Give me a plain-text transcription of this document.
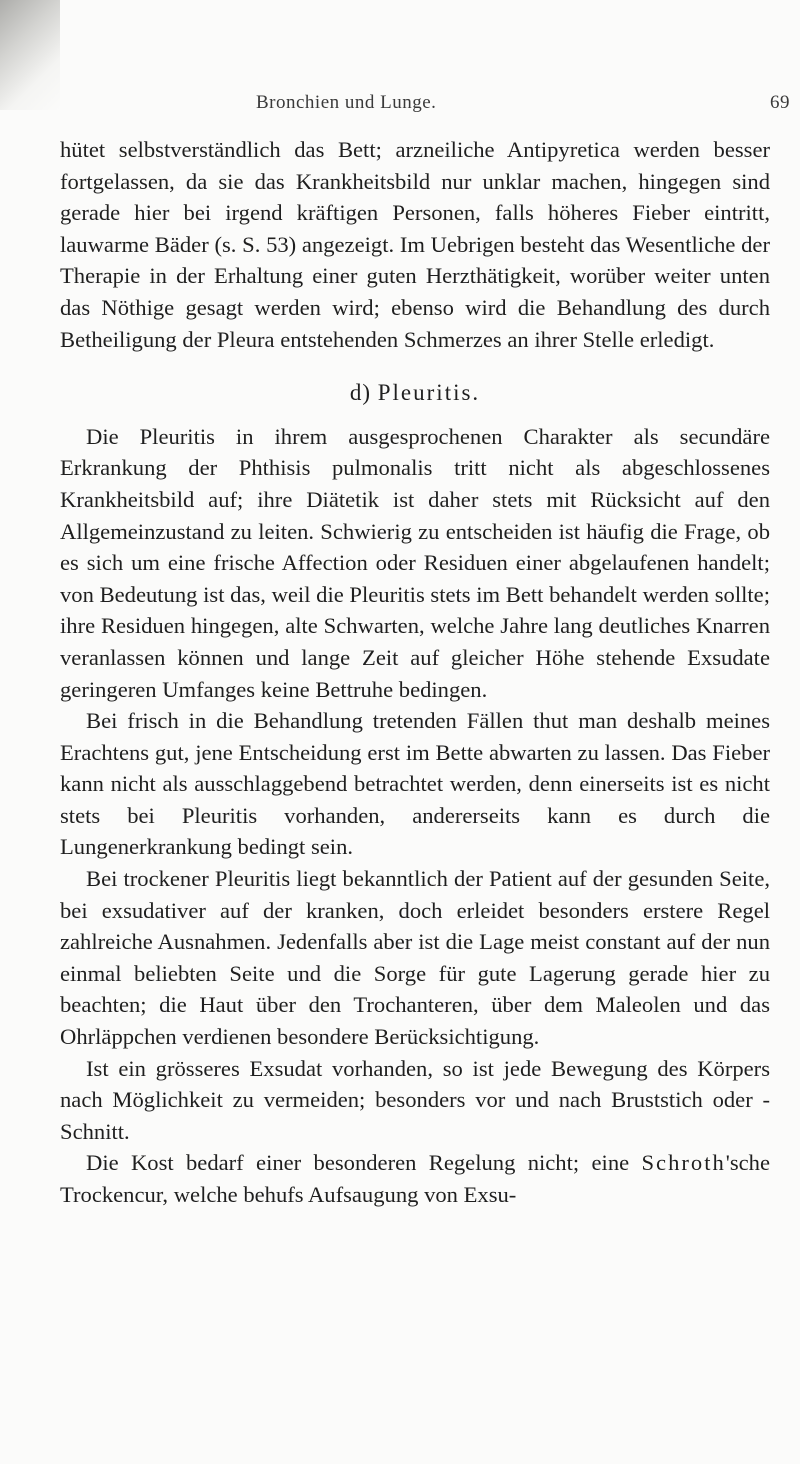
Bronchien und Lunge.	69

hütet selbstverständlich das Bett; arzneiliche Antipyretica werden besser fortgelassen, da sie das Krankheitsbild nur unklar machen, hingegen sind gerade hier bei irgend kräftigen Personen, falls höheres Fieber eintritt, lauwarme Bäder (s. S. 53) angezeigt. Im Uebrigen besteht das Wesentliche der Therapie in der Erhaltung einer guten Herzthätigkeit, worüber weiter unten das Nöthige gesagt werden wird; ebenso wird die Behandlung des durch Betheiligung der Pleura entstehenden Schmerzes an ihrer Stelle erledigt.

d) Pleuritis.

Die Pleuritis in ihrem ausgesprochenen Charakter als secundäre Erkrankung der Phthisis pulmonalis tritt nicht als abgeschlossenes Krankheitsbild auf; ihre Diätetik ist daher stets mit Rücksicht auf den Allgemeinzustand zu leiten. Schwierig zu entscheiden ist häufig die Frage, ob es sich um eine frische Affection oder Residuen einer abgelaufenen handelt; von Bedeutung ist das, weil die Pleuritis stets im Bett behandelt werden sollte; ihre Residuen hingegen, alte Schwarten, welche Jahre lang deutliches Knarren veranlassen können und lange Zeit auf gleicher Höhe stehende Exsudate geringeren Umfanges keine Bettruhe bedingen.

Bei frisch in die Behandlung tretenden Fällen thut man deshalb meines Erachtens gut, jene Entscheidung erst im Bette abwarten zu lassen. Das Fieber kann nicht als ausschlaggebend betrachtet werden, denn einerseits ist es nicht stets bei Pleuritis vorhanden, andererseits kann es durch die Lungenerkrankung bedingt sein.

Bei trockener Pleuritis liegt bekanntlich der Patient auf der gesunden Seite, bei exsudativer auf der kranken, doch erleidet besonders erstere Regel zahlreiche Ausnahmen. Jedenfalls aber ist die Lage meist constant auf der nun einmal beliebten Seite und die Sorge für gute Lagerung gerade hier zu beachten; die Haut über den Trochanteren, über dem Maleolen und das Ohrläppchen verdienen besondere Berücksichtigung.

Ist ein grösseres Exsudat vorhanden, so ist jede Bewegung des Körpers nach Möglichkeit zu vermeiden; besonders vor und nach Bruststich oder -Schnitt.

Die Kost bedarf einer besonderen Regelung nicht; eine Schroth'sche Trockencur, welche behufs Aufsaugung von Exsu-
